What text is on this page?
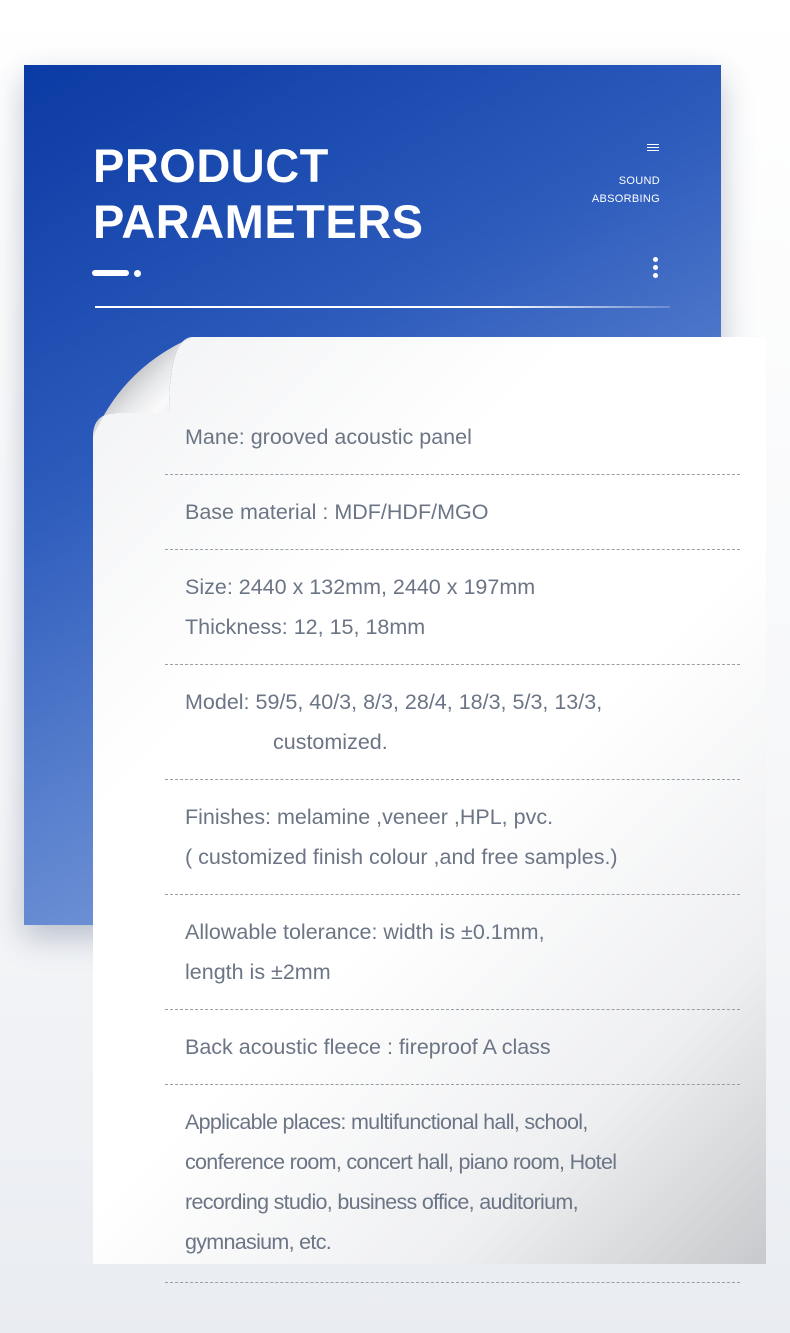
PRODUCT
PARAMETERS
SOUND
ABSORBING
Mane: grooved acoustic panel
Base material : MDF/HDF/MGO
Size: 2440 x 132mm, 2440 x 197mm
Thickness: 12, 15, 18mm
Model: 59/5, 40/3, 8/3, 28/4, 18/3, 5/3, 13/3,
customized.
Finishes: melamine ,veneer ,HPL, pvc.
( customized finish colour ,and free samples.)
Allowable tolerance: width is ±0.1mm,
length is ±2mm
Back acoustic fleece : fireproof A class
Applicable places: multifunctional hall, school,
conference room, concert hall, piano room, Hotel
recording studio, business office, auditorium,
gymnasium, etc.
